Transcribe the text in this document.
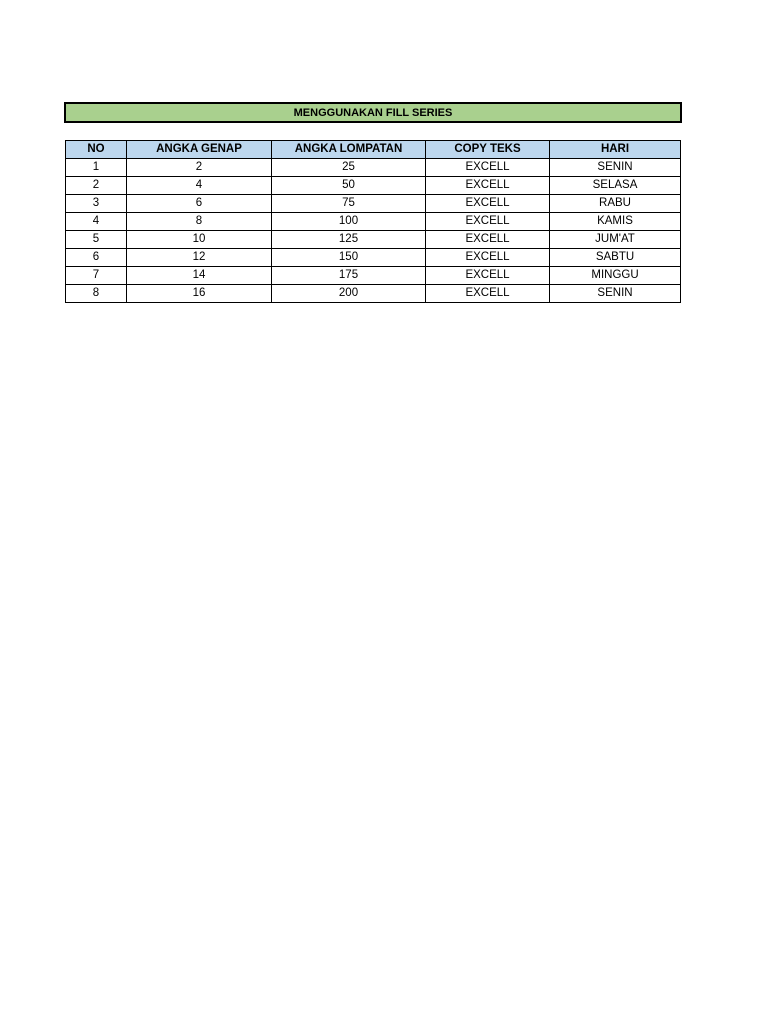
MENGGUNAKAN FILL SERIES
NO	ANGKA GENAP	ANGKA LOMPATAN	COPY TEKS	HARI
1	2	25	EXCELL	SENIN
2	4	50	EXCELL	SELASA
3	6	75	EXCELL	RABU
4	8	100	EXCELL	KAMIS
5	10	125	EXCELL	JUM'AT
6	12	150	EXCELL	SABTU
7	14	175	EXCELL	MINGGU
8	16	200	EXCELL	SENIN
